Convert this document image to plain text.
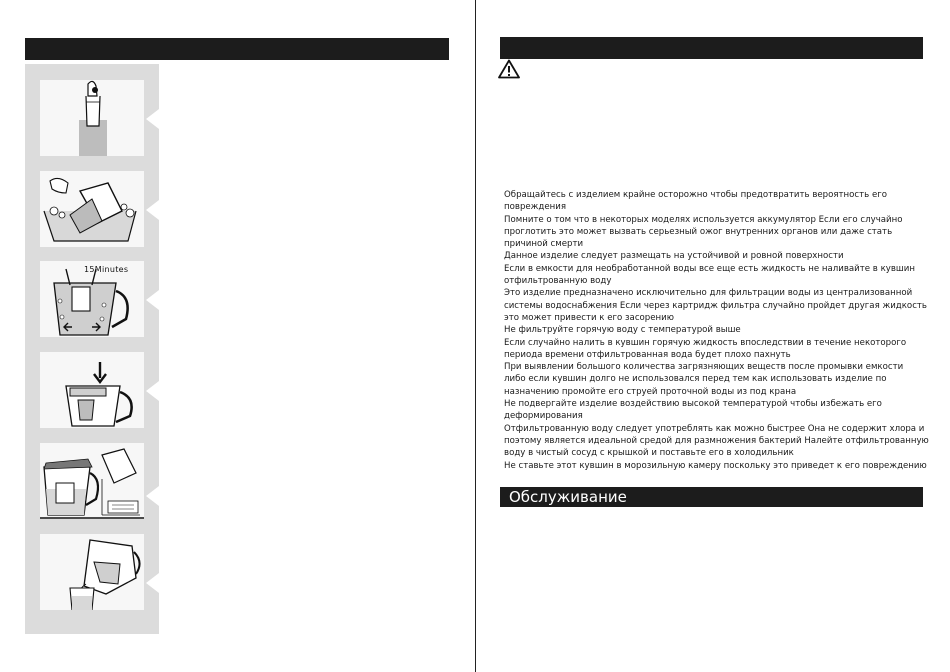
15Minutes
Обращайтесь с изделием крайне осторожно чтобы предотвратить вероятность его
повреждения
Помните о том что в некоторых моделях используется аккумулятор Если его случайно
проглотить это может вызвать серьезный ожог внутренних органов или даже стать
причиной смерти
Данное изделие следует размещать на устойчивой и ровной поверхности
Если в емкости для необработанной воды все еще есть жидкость не наливайте в кувшин
отфильтрованную воду
Это изделие предназначено исключительно для фильтрации воды из централизованной
системы водоснабжения Если через картридж фильтра случайно пройдет другая жидкость
это может привести к его засорению
Не фильтруйте горячую воду с температурой выше
Если случайно налить в кувшин горячую жидкость впоследствии в течение некоторого
периода времени отфильтрованная вода будет плохо пахнуть
При выявлении большого количества загрязняющих веществ после промывки емкости
либо если кувшин долго не использовался перед тем как использовать изделие по
назначению промойте его струей проточной воды из под крана
Не подвергайте изделие воздействию высокой температурой чтобы избежать его
деформирования
Отфильтрованную воду следует употреблять как можно быстрее Она не содержит хлора и
поэтому является идеальной средой для размножения бактерий Налейте отфильтрованную
воду в чистый сосуд с крышкой и поставьте его в холодильник
Не ставьте этот кувшин в морозильную камеру поскольку это приведет к его повреждению
Обслуживание
